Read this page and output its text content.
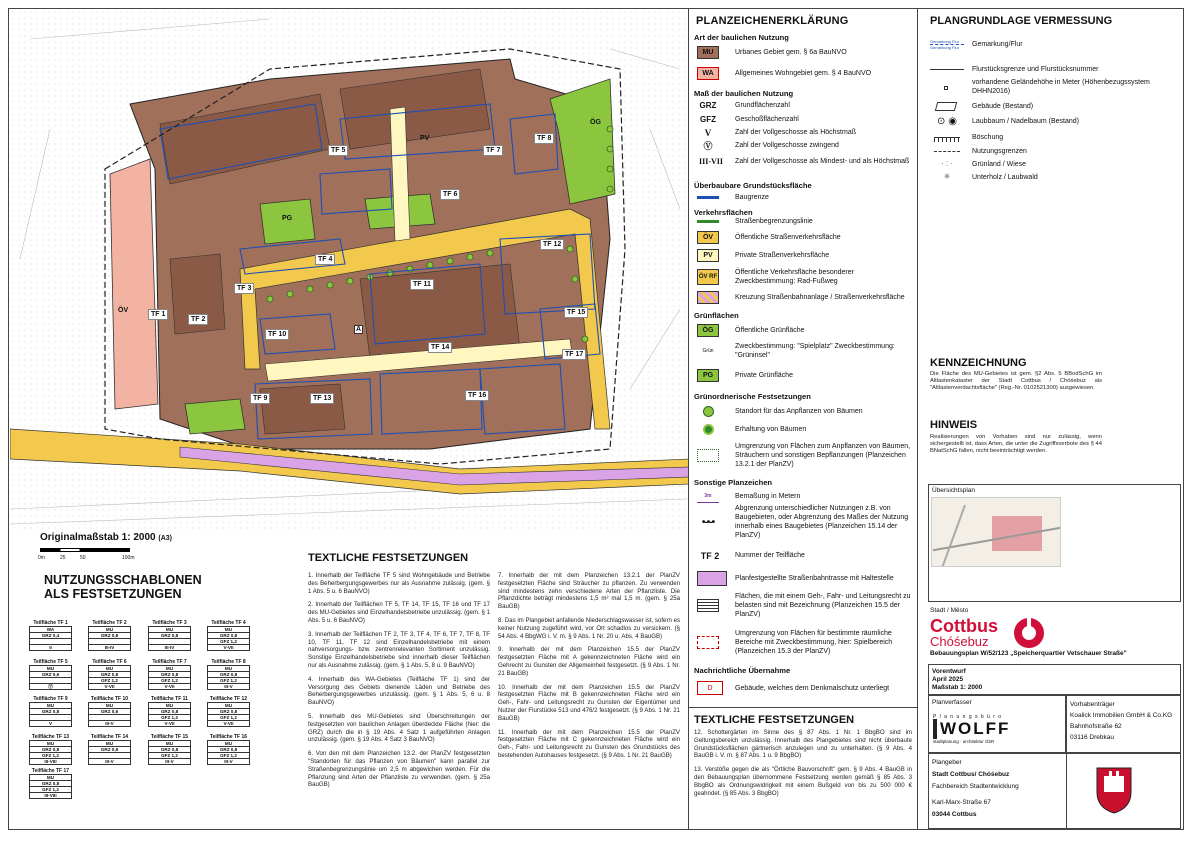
TF 1
TF 2
TF 3
TF 4
TF 5
TF 6
TF 7
TF 8
TF 9
TF 10
TF 11
TF 12
TF 13
TF 14
TF 15
TF 16
TF 17
ÖV
PV
ÖG
PG
A
Originalmaßstab 1: 2000 (A3)
0m	25	50	100m
NUTZUNGSSCHABLONEN
ALS FESTSETZUNGEN
Teilfläche TF 1
WA
GRZ 0,4

II
Teilfläche TF 2
MU
GRZ 0,8

III-IV
Teilfläche TF 3
MU
GRZ 0,8

III-IV
Teilfläche TF 4
MU
GRZ 0,8
GFZ 1,2
V-VII
Teilfläche TF 5
MU
GRZ 0,6

Ⓥ
Teilfläche TF 6
MU
GRZ 0,8
GFZ 1,2
V-VII
Teilfläche TF 7
MU
GRZ 0,8
GFZ 1,2
V-VII
Teilfläche TF 8
MU
GRZ 0,8
GFZ 1,2
III-V
Teilfläche TF 9
MU
GRZ 0,8

V
Teilfläche TF 10
MU
GRZ 0,6

III-V
Teilfläche TF 11
MU
GRZ 0,8
GFZ 1,2
V-VII
Teilfläche TF 12
MU
GRZ 0,8
GFZ 1,2
V-VII
Teilfläche TF 13
MU
GRZ 0,8
GFZ 1,2
III-VIII
Teilfläche TF 14
MU
GRZ 0,8

III-V
Teilfläche TF 15
MU
GRZ 0,8
GFZ 1,2
III-V
Teilfläche TF 16
MU
GRZ 0,8
GFZ 1,2
III-V
Teilfläche TF 17
MU
GRZ 0,8
GFZ 1,2
III-VIII
TEXTLICHE FESTSETZUNGEN

1. Innerhalb der Teilfläche TF 5 sind Wohngebäude und Betriebe des Beherbergungsgewerbes nur als Ausnahme zulässig. (gem. § 1 Abs. 5 u. 6 BauNVO)

2. Innerhalb der Teilflächen TF 5, TF 14, TF 15, TF 16 und TF 17 des MU-Gebietes sind Einzelhandelsbetriebe unzulässig. (gem. § 1 Abs. 5 u. 6 BauNVO)

3. Innerhalb der Teilflächen TF 2, TF 3, TF 4, TF 6, TF 7, TF 8, TF 10, TF 11, TF 12 sind Einzelhandelsbetriebe mit einem nahversorgungs- bzw. zentrenrelevanten Sortiment unzulässig. Sonstige Einzelhandelsbetriebe sind innerhalb dieser Teilflächen nur als Ausnahme zulässig. (gem. § 1 Abs. 5, 8 u. 9 BauNVO)

4. Innerhalb des WA-Gebietes (Teilfläche TF 1) sind der Versorgung des Gebiets dienende Läden und Betriebe des Beherbergungsgewerbes unzulässig. (gem. § 1 Abs. 5, 6 u. 8 BauNVO)

5. Innerhalb des MU-Gebietes sind Überschreitungen der festgesetzten von baulichen Anlagen überdeckte Fläche (hier: die GRZ) durch die in § 19 Abs. 4 Satz 1 aufgeführten Anlagen unzulässig. (gem. § 19 Abs. 4 Satz 3 BauNVO)

6. Von den mit dem Planzeichen 13.2. der PlanZV festgesetzten "Standorten für das Pflanzen von Bäumen" kann parallel zur Straßenbegrenzungslinie um 2,5 m abgewichen werden. Für die Pflanzung sind Arten der Pflanzliste zu verwenden. (gem. § 25a BauGB)

7. Innerhalb der mit dem Planzeichen 13.2.1 der PlanZV festgesetzten Fläche sind Sträucher zu pflanzen. Zu verwenden sind mindestens zehn verschiedene Arten der Pflanzliste. Die Pflanzdichte beträgt mindestens 1,5 m² mal 1,5 m. (gem. § 25a BauGB)

8. Das im Plangebiet anfallende Niederschlagswasser ist, sofern es keiner Nutzung zugeführt wird, vor Ort schadlos zu versickern. (§ 54 Abs. 4 BbgWG i. V. m. § 9 Abs. 1 Nr. 20 u. Abs. 4 BauGB)

9. Innerhalb der mit dem Planzeichen 15.5 der PlanZV festgesetzten Fläche mit A gekennzeichneten Fläche wird ein Gehrecht zu Gunsten der Allgemeinheit festgesetzt. (§ 9 Abs. 1 Nr. 21 BauGB)

10. Innerhalb der mit dem Planzeichen 15.5 der PlanZV festgesetzten Fläche mit B gekennzeichneten Fläche wird ein Geh-, Fahr- und Leitungsrecht zu Gunsten der Eigentümer und Nutzer der Flurstücke 513 und 476/2 festgesetzt. (§ 9 Abs. 1 Nr. 21 BauGB)

11. Innerhalb der mit dem Planzeichen 15.5 der PlanZV festgesetzten Fläche mit C gekennzeichneten Fläche wird ein Geh-, Fahr- und Leitungsrecht zu Gunsten des Grundstücks des bestehenden Autohauses festgesetzt. (§ 9 Abs. 1 Nr. 21 BauGB)

PLANZEICHENERKLÄRUNG
Art der baulichen Nutzung
MU	Urbanes Gebiet gem. § 6a BauNVO
WA	Allgemeines Wohngebiet gem. § 4 BauNVO
Maß der baulichen Nutzung
GRZ	Grundflächenzahl
GFZ	Geschoßflächenzahl
V	Zahl der Vollgeschosse als Höchstmaß
Ⓥ	Zahl der Vollgeschosse zwingend
III-VII Zahl der Vollgeschosse als Mindest- und als Höchstmaß
Überbaubare Grundstücksfläche
Baugrenze
Verkehrsflächen
Straßenbegrenzungslinie
ÖV	Öffentliche Straßenverkehrsfläche
PV	Private Straßenverkehrsfläche
ÖV RF
Öffentliche Verkehrsfläche besonderer Zweckbestimmung: Rad-Fußweg
Kreuzung Straßenbahnanlage / Straßenverkehrsfläche
Grünflächen
ÖG	Öffentliche Grünfläche
Grün
Zweckbestimmung: "Spielplatz" Zweckbestimmung: "Grüninsel"
PG	Private Grünfläche
Grünordnerische Festsetzungen
Standort für das Anpflanzen von Bäumen
Erhaltung von Bäumen
Umgrenzung von Flächen zum Anpflanzen von Bäumen, Sträuchern und sonstigen Bepflanzungen (Planzeichen 13.2.1 der PlanZV)
Sonstige Planzeichen
3m	Bemaßung in Metern
•-•-•
Abgrenzung unterschiedlicher Nutzungen z.B. von Baugebieten, oder Abgrenzung des Maßes der Nutzung innerhalb eines Baugebietes (Planzeichen 15.14 der PlanZV)
TF 2	Nummer der Teilfläche
Planfestgestellte Straßenbahntrasse mit Haltestelle
Flächen, die mit einem Geh-, Fahr- und Leitungsrecht zu belasten sind mit Bezeichnung (Planzeichen 15.5 der PlanZV)
Umgrenzung von Flächen für bestimmte räumliche Bereiche mit Zweckbestimmung, hier: Spielbereich (Planzeichen 15.3 der PlanZV)
Nachrichtliche Übernahme
D	Gebäude, welches dem Denkmalschutz unterliegt
TEXTLICHE FESTSETZUNGEN

12. Schottergärten im Sinne des § 87 Abs. 1 Nr. 1 BbgBO sind im Geltungsbereich unzulässig. Innerhalb des Plangebietes sind nicht überbaute Grundstücksflächen gärtnerisch anzulegen und zu unterhalten. (§ 9 Abs. 4 BauGB i. V. m. § 87 Abs. 1 u. 9 BbgBO)

13. Verstöße gegen die als "Örtliche Bauvorschrift" gem. § 9 Abs. 4 BauGB in den Bebauungsplan übernommene Festsetzung werden gemäß § 85 Abs. 3 BbgBO als Ordnungswidrigkeit mit einem Bußgeld von bis zu 500 000 € geahndet. (§ 85 Abs. 3 BbgBO)

PLANGRUNDLAGE VERMESSUNG
Gemarkung Flur
Gemarkung Flur	Gemarkung/Flur
Flurstücksgrenze und Flurstücksnummer
vorhandene Geländehöhe in Meter (Höhenbezugssystem DHHN2016)
Gebäude (Bestand)
⊙ ◉	Laubbaum / Nadelbaum (Bestand)
Böschung
Nutzungsgrenzen
· : ·	Grünland / Wiese
✳	Unterholz / Laubwald
KENNZEICHNUNG
Die Fläche des MU-Gebietes ist gem. §2 Abs. 5 BBodSchG im Altlastenkataster der Stadt Cottbus / Chóśebuz als "Altlastenverdachtsfläche" (Reg.-Nr. 0102521300) ausgewiesen.
HINWEIS
Realisierungen von Vorhaben sind nur zulässig, wenn sichergestellt ist, dass Arten, die unter die Zugriffsverbote des § 44 BNatSchG fallen, nicht beeinträchtigt werden.
Übersichtsplan
Stadt / Město
Cottbus
Chóśebuz
Bebauungsplan W/52/123 „Speicherquartier Vetschauer Straße"
Vorentwurf
April 2025
Maßstab 1: 2000
Planverfasser
P l a n u n g s b ü r o
WOLFF
stadtplanung · architektur GbR
Vorhabenträger
Koalick Immobilien GmbH & Co.KG
Bahnhofstraße 62
03116 Drebkau
Plangeber
Stadt Cottbus/ Chóśebuz
Fachbereich Stadtentwicklung
Karl-Marx-Straße 67
03044 Cottbus
